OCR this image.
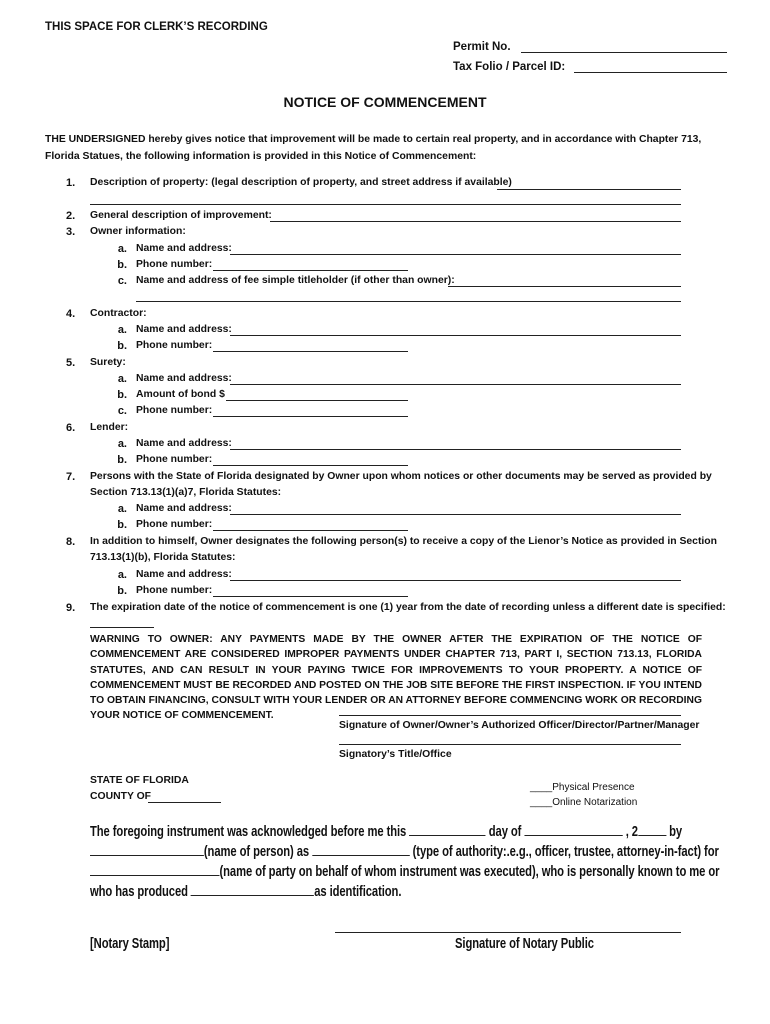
THIS SPACE FOR CLERK’S RECORDING
Permit No.
Tax Folio / Parcel ID:
NOTICE OF COMMENCEMENT
THE UNDERSIGNED hereby gives notice that improvement will be made to certain real property, and in accordance with Chapter 713, Florida Statues, the following information is provided in this Notice of Commencement:
1.	Description of property: (legal description of property, and street address if available)
2.	General description of improvement:
3.	Owner information:
a. Name and address:
b. Phone number:
c. Name and address of fee simple titleholder (if other than owner):
4.	Contractor:
a. Name and address:
b. Phone number:
5.	Surety:
a. Name and address:
b. Amount of bond $
c. Phone number:
6.	Lender:
a. Name and address:
b. Phone number:
7.	Persons with the State of Florida designated by Owner upon whom notices or other documents may be served as provided by
Section 713.13(1)(a)7, Florida Statutes:
a. Name and address:
b. Phone number:
8.	In addition to himself, Owner designates the following person(s) to receive a copy of the Lienor’s Notice as provided in Section
713.13(1)(b), Florida Statutes:
a. Name and address:
b. Phone number:
9.	The expiration date of the notice of commencement is one (1) year from the date of recording unless a different date is specified:
WARNING TO OWNER: ANY PAYMENTS MADE BY THE OWNER AFTER THE EXPIRATION OF THE NOTICE OF COMMENCEMENT ARE CONSIDERED IMPROPER PAYMENTS UNDER CHAPTER 713, PART I, SECTION 713.13, FLORIDA STATUTES, AND CAN RESULT IN YOUR PAYING TWICE FOR IMPROVEMENTS TO YOUR PROPERTY. A NOTICE OF COMMENCEMENT MUST BE RECORDED AND POSTED ON THE JOB SITE BEFORE THE FIRST INSPECTION. IF YOU INTEND TO OBTAIN FINANCING, CONSULT WITH YOUR LENDER OR AN ATTORNEY BEFORE COMMENCING WORK OR RECORDING YOUR NOTICE OF COMMENCEMENT.
Signature of Owner/Owner’s Authorized Officer/Director/Partner/Manager
Signatory’s Title/Office
STATE OF FLORIDA
COUNTY OF
____Physical Presence
____Online Notarization
The foregoing instrument was acknowledged before me this	day of	, 2 by
(name of person) as	(type of authority:.e.g., officer, trustee, attorney-in-fact) for
(name of party on behalf of whom instrument was executed), who is personally known to me or
who has produced	as identification.
[Notary Stamp]	Signature of Notary Public
